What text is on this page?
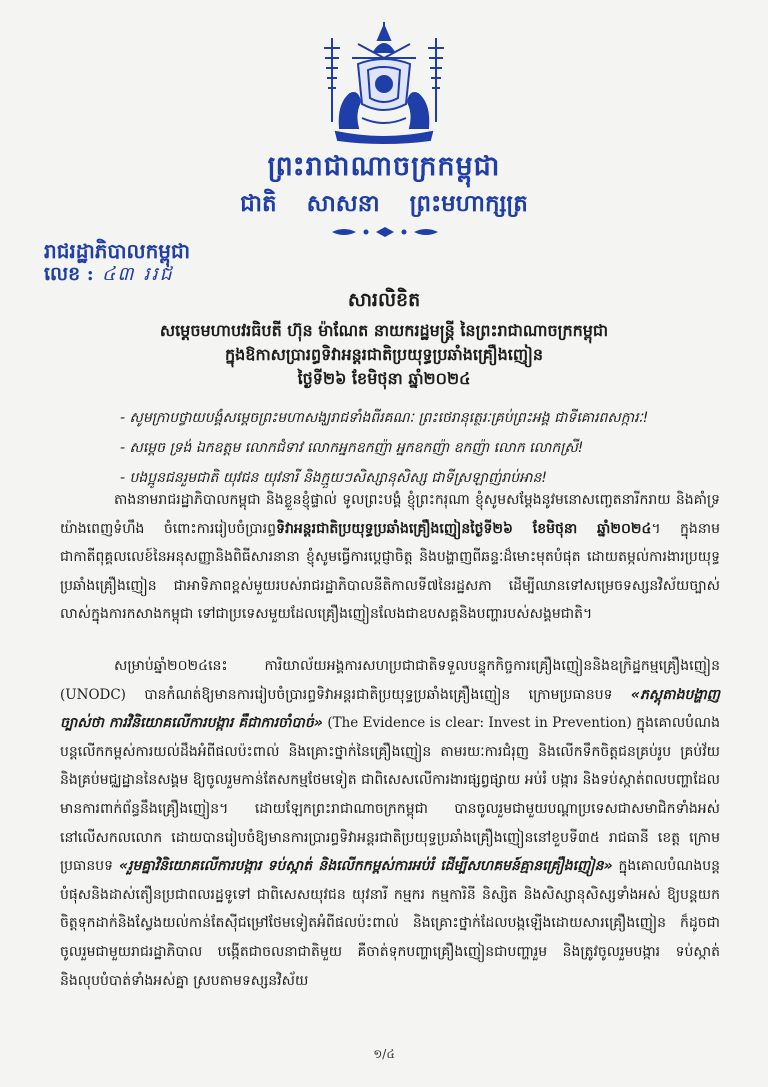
ព្រះរាជាណាចក្រកម្ពុជា
ជាតិ សាសនា ព្រះមហាក្សត្រ
រាជរដ្ឋាភិបាលកម្ពុជា
លេខ : ៤៣ ររជ
សារលិខិត
សម្ដេចមហាបវរធិបតី ហ៊ុន ម៉ាណែត នាយករដ្ឋមន្ត្រី នៃព្រះរាជាណាចក្រកម្ពុជា
ក្នុងឱកាសប្រារព្ធទិវាអន្តរជាតិប្រយុទ្ធប្រឆាំងគ្រឿងញៀន
ថ្ងៃទី២៦ ខែមិថុនា ឆ្នាំ២០២៤
- សូមក្រាបថ្វាយបង្គំសម្ដេចព្រះមហាសង្ឃរាជទាំងពីរគណៈ ព្រះថេរានុត្ថេរៈគ្រប់ព្រះអង្គ ជាទីគោរពសក្ការៈ!
- សម្ដេច ទ្រង់ ឯកឧត្តម លោកជំទាវ លោកអ្នកឧកញ៉ា អ្នកឧកញ៉ា ឧកញ៉ា លោក លោកស្រី!
- បងប្អូនជនរួមជាតិ យុវជន យុវនារី និងក្មួយៗសិស្សានុសិស្ស ជាទីស្រឡាញ់រាប់អាន!
តាងនាមរាជរដ្ឋាភិបាលកម្ពុជា និងខ្លួនខ្ញុំផ្ទាល់ ទូលព្រះបង្គំ ខ្ញុំព្រះករុណា ខ្ញុំសូមសម្ដែងនូវមនោសញ្ចេតនារីករាយ និងគាំទ្រយ៉ាងពេញទំហឹង ចំពោះការរៀបចំប្រារព្ធទិវាអន្តរជាតិប្រយុទ្ធប្រឆាំងគ្រឿងញៀនថ្ងៃទី២៦ ខែមិថុនា ឆ្នាំ២០២៤។ ក្នុងនាមជាកាតីពុគ្គលលេខ៍នៃអនុសញ្ញានិងពិធីសារនានា ខ្ញុំសូមធ្វើការប្ដេជ្ញាចិត្ត និងបង្ហាញពីឆន្ទៈដ៏មោះមុតបំផុត ដោយតម្កល់ការងារប្រយុទ្ធប្រឆាំងគ្រឿងញៀន ជាអាទិភាពខ្ពស់មួយរបស់រាជរដ្ឋាភិបាលនីតិកាលទី៧នៃរដ្ឋសភា ដើម្បីឈានទៅសម្រេចទស្សនវិស័យច្បាស់លាស់ក្នុងការកសាងកម្ពុជា ទៅជាប្រទេសមួយដែលគ្រឿងញៀនលែងជាឧបសគ្គនិងបញ្ហារបស់សង្គមជាតិ។
សម្រាប់ឆ្នាំ២០២៤នេះ ការិយាល័យអង្គការសហប្រជាជាតិទទួលបន្ទុកកិច្ចការគ្រឿងញៀននិងឧក្រិដ្ឋកម្មគ្រឿងញៀន (UNODC) បានកំណត់ឱ្យមានការរៀបចំប្រារព្ធទិវាអន្តរជាតិប្រយុទ្ធប្រឆាំងគ្រឿងញៀន ក្រោមប្រធានបទ «ភស្តុតាងបង្ហាញច្បាស់ថា ការវិនិយោគលើការបង្ការ គឺជាការចាំបាច់» (The Evidence is clear: Invest in Prevention) ក្នុងគោលបំណងបន្តលើកកម្ពស់ការយល់ដឹងអំពីផលប៉ះពាល់ និងគ្រោះថ្នាក់នៃគ្រឿងញៀន តាមរយៈការជំរុញ និងលើកទឹកចិត្តជនគ្រប់រូប គ្រប់វ័យ និងគ្រប់មជ្ឈដ្ឋាននៃសង្គម ឱ្យចូលរួមកាន់តែសកម្មថែមទៀត ជាពិសេសលើការងារផ្សព្វផ្សាយ អប់រំ បង្ការ និងទប់ស្កាត់ពលបញ្ហាដែលមានការពាក់ព័ន្ធនឹងគ្រឿងញៀន។ ដោយឡែកព្រះរាជាណាចក្រកម្ពុជា បានចូលរួមជាមួយបណ្ដាប្រទេសជាសមាជិកទាំងអស់នៅលើសកលលោក ដោយបានរៀបចំឱ្យមានការប្រារព្ធទិវាអន្តរជាតិប្រយុទ្ធប្រឆាំងគ្រឿងញៀននៅខួបទី៣៥ រាជធានី ខេត្ត ក្រោមប្រធានបទ «រួមគ្នាវិនិយោគលើការបង្ការ ទប់ស្កាត់ និងលើកកម្ពស់ការអប់រំ ដើម្បីសហគមន៍គ្មានគ្រឿងញៀន» ក្នុងគោលបំណងបន្តបំផុសនិងដាស់តឿនប្រជាពលរដ្ឋទូទៅ ជាពិសេសយុវជន យុវនារី កម្មករ កម្មការិនី និស្សិត និងសិស្សានុសិស្សទាំងអស់ ឱ្យបន្តយកចិត្តទុកដាក់និងស្វែងយល់កាន់តែស៊ីជម្រៅថែមទៀតអំពីផលប៉ះពាល់ និងគ្រោះថ្នាក់ដែលបង្កឡើងដោយសារគ្រឿងញៀន ក៏ដូចជាចូលរួមជាមួយរាជរដ្ឋាភិបាល បង្កើតជាចលនាជាតិមួយ គឺចាត់ទុកបញ្ហាគ្រឿងញៀនជាបញ្ហារួម និងត្រូវចូលរួមបង្ការ ទប់ស្កាត់ និងលុបបំបាត់ទាំងអស់គ្នា ស្របតាមទស្សនវិស័យ
១/៤
